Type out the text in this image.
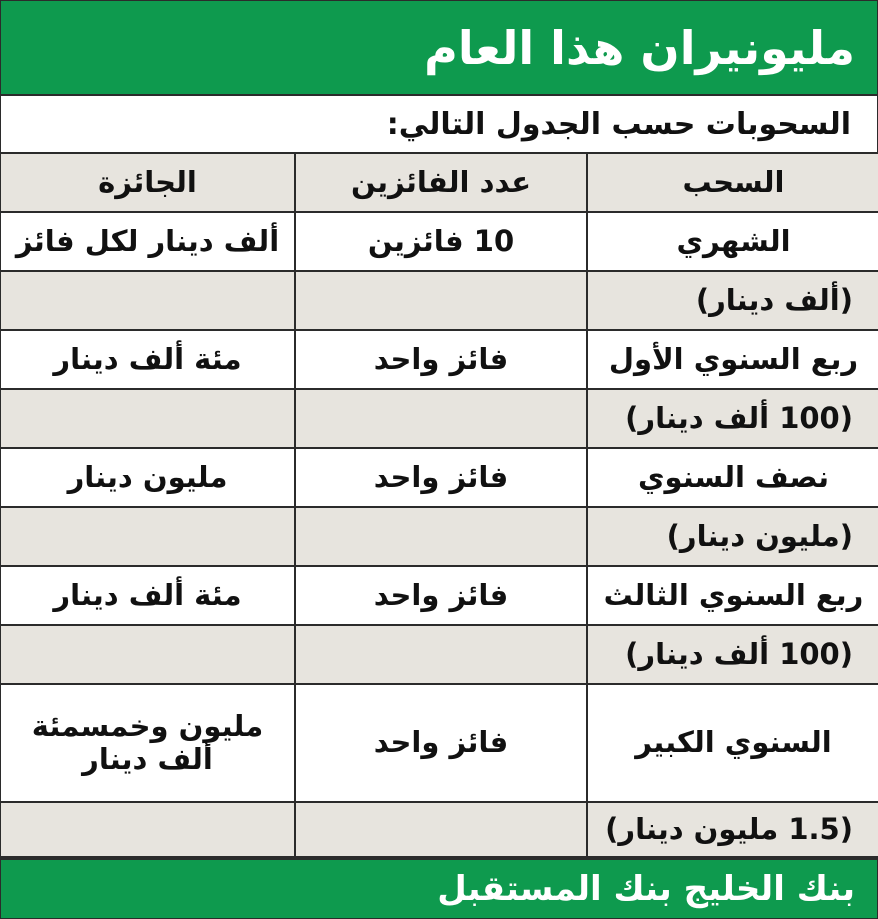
مليونيران هذا العام
السحوبات حسب الجدول التالي:
السحب	عدد الفائزين	الجائزة
الشهري	10 فائزين	ألف دينار لكل فائز
(ألف دينار)		
ربع السنوي الأول	فائز واحد	مئة ألف دينار
(100 ألف دينار)		
نصف السنوي	فائز واحد	مليون دينار
(مليون دينار)		
ربع السنوي الثالث	فائز واحد	مئة ألف دينار
(100 ألف دينار)		
السنوي الكبير	فائز واحد	مليون وخمسمئة
ألف دينار

(1.5 مليون دينار)		
بنك الخليج بنك المستقبل
